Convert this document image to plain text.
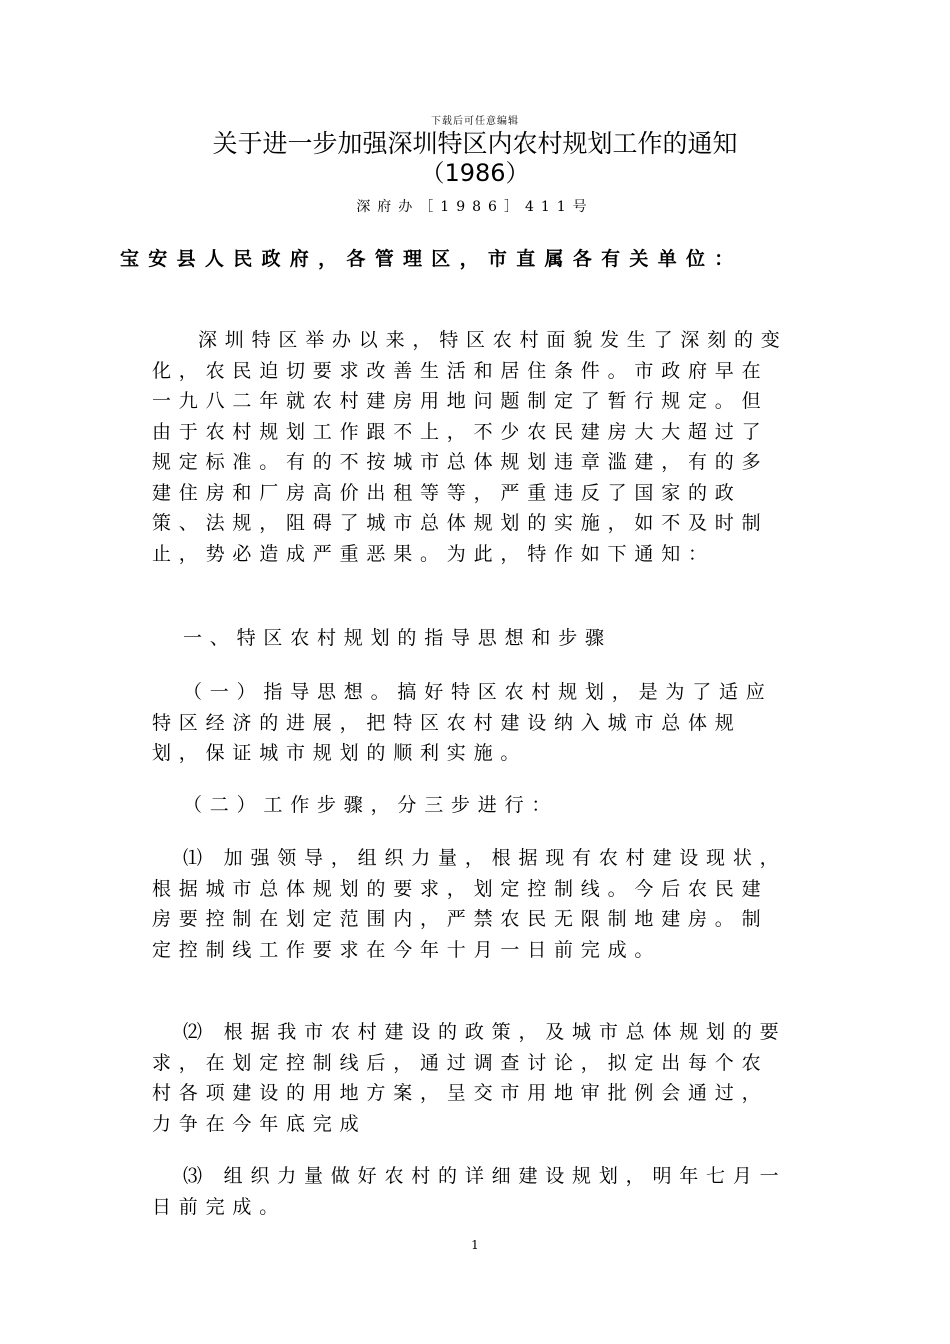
下载后可任意编辑
关于进一步加强深圳特区内农村规划工作的通知
（1986）
深府办［1986］411号
宝安县人民政府，各管理区，市直属各有关单位：

深圳特区举办以来，特区农村面貌发生了深刻的变化，农民迫切要求改善生活和居住条件。市政府早在一九八二年就农村建房用地问题制定了暂行规定。但由于农村规划工作跟不上，不少农民建房大大超过了规定标准。有的不按城市总体规划违章滥建，有的多建住房和厂房高价出租等等，严重违反了国家的政策、法规，阻碍了城市总体规划的实施，如不及时制止，势必造成严重恶果。为此，特作如下通知：

一、特区农村规划的指导思想和步骤

（一）指导思想。搞好特区农村规划，是为了适应特区经济的进展，把特区农村建设纳入城市总体规划，保证城市规划的顺利实施。

（二）工作步骤，分三步进行：

⑴ 加强领导，组织力量，根据现有农村建设现状，根据城市总体规划的要求，划定控制线。今后农民建房要控制在划定范围内，严禁农民无限制地建房。制定控制线工作要求在今年十月一日前完成。

⑵ 根据我市农村建设的政策，及城市总体规划的要求，在划定控制线后，通过调查讨论，拟定出每个农村各项建设的用地方案，呈交市用地审批例会通过，力争在今年底完成

⑶ 组织力量做好农村的详细建设规划，明年七月一日前完成。

1
